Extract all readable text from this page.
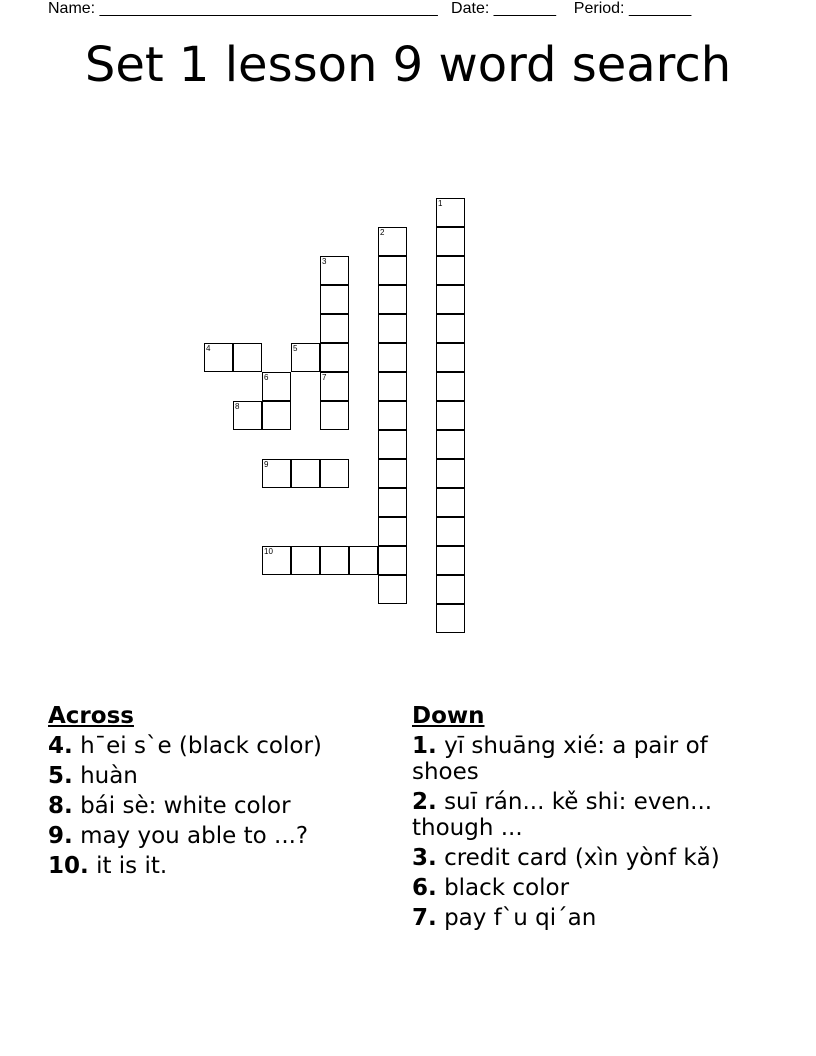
Name: ______________________________________   Date: _______    Period: _______
Set 1 lesson 9 word search
1
2
3
4	5
6	7
8
9
10
Across
4. h¯ei s`e (black color)
5. huàn
8. bái sè: white color
9. may you able to ...?
10. it is it.
Down
1. yī shuāng xié: a pair of shoes
2. suī rán... kě shi: even... though ...
3. credit card (xìn yònf kǎ)
6. black color
7. pay f`u qi´an
